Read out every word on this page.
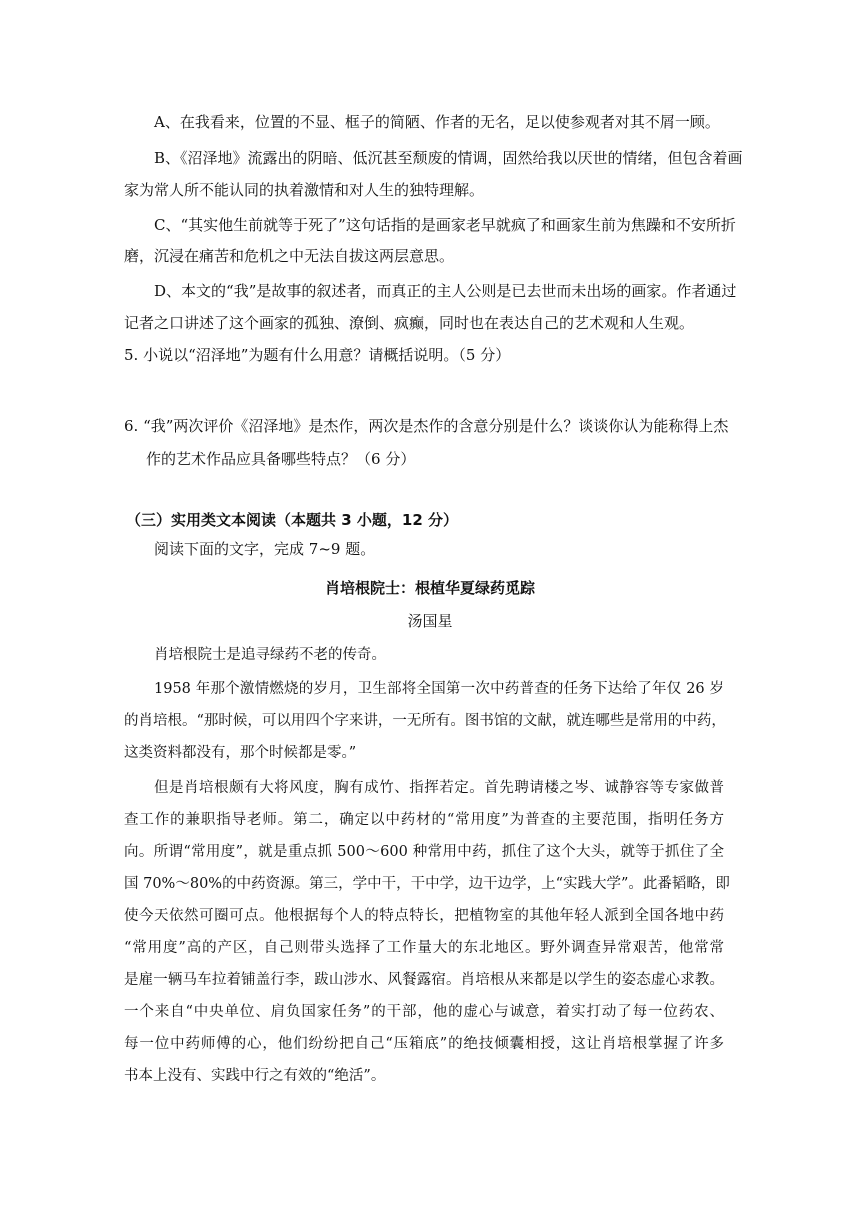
A、在我看来，位置的不显、框子的简陋、作者的无名，足以使参观者对其不屑一顾。
B、《沼泽地》流露出的阴暗、低沉甚至颓废的情调，固然给我以厌世的情绪，但包含着画
家为常人所不能认同的执着激情和对人生的独特理解。
C、“其实他生前就等于死了”这句话指的是画家老早就疯了和画家生前为焦躁和不安所折
磨，沉浸在痛苦和危机之中无法自拔这两层意思。
D、本文的“我”是故事的叙述者，而真正的主人公则是已去世而未出场的画家。作者通过
记者之口讲述了这个画家的孤独、潦倒、疯癫，同时也在表达自己的艺术观和人生观。
5. 小说以“沼泽地”为题有什么用意？请概括说明。（5 分）
6. “我”两次评价《沼泽地》是杰作，两次是杰作的含意分别是什么？谈谈你认为能称得上杰
作的艺术作品应具备哪些特点？（6 分）
（三）实用类文本阅读（本题共 3 小题，12 分）
阅读下面的文字，完成 7~9 题。
肖培根院士：根植华夏绿药觅踪
汤国星
肖培根院士是追寻绿药不老的传奇。
1958 年那个激情燃烧的岁月，卫生部将全国第一次中药普查的任务下达给了年仅 26 岁
的肖培根。“那时候，可以用四个字来讲，一无所有。图书馆的文献，就连哪些是常用的中药，
这类资料都没有，那个时候都是零。”
但是肖培根颇有大将风度，胸有成竹、指挥若定。首先聘请楼之岑、诚静容等专家做普
查工作的兼职指导老师。第二，确定以中药材的“常用度”为普查的主要范围，指明任务方
向。所谓“常用度”，就是重点抓 500～600 种常用中药，抓住了这个大头，就等于抓住了全
国 70%～80%的中药资源。第三，学中干，干中学，边干边学，上“实践大学”。此番韬略，即
使今天依然可圈可点。他根据每个人的特点特长，把植物室的其他年轻人派到全国各地中药
“常用度”高的产区，自己则带头选择了工作量大的东北地区。野外调查异常艰苦，他常常
是雇一辆马车拉着铺盖行李，跋山涉水、风餐露宿。肖培根从来都是以学生的姿态虚心求教。
一个来自“中央单位、肩负国家任务”的干部，他的虚心与诚意，着实打动了每一位药农、
每一位中药师傅的心，他们纷纷把自己“压箱底”的绝技倾囊相授，这让肖培根掌握了许多
书本上没有、实践中行之有效的“绝活”。
